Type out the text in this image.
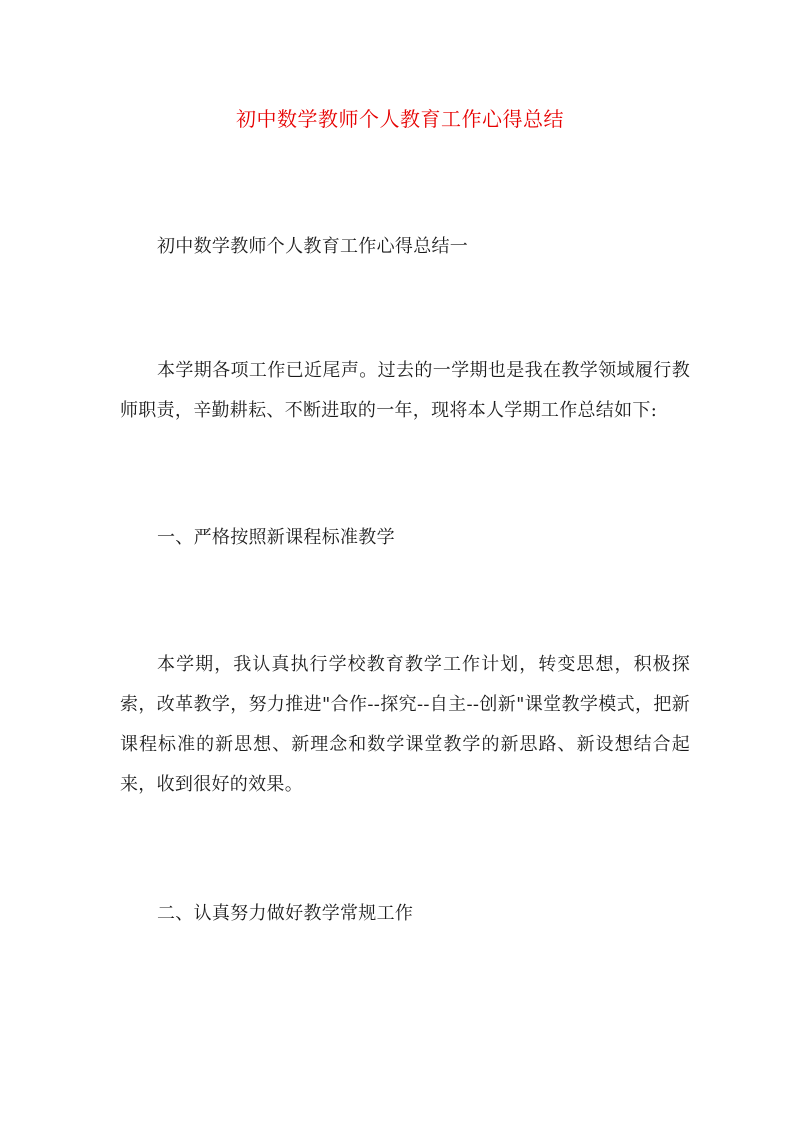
初中数学教师个人教育工作心得总结

初中数学教师个人教育工作心得总结一

本学期各项工作已近尾声。过去的一学期也是我在教学领域履行教师职责，辛勤耕耘、不断进取的一年，现将本人学期工作总结如下:

一、严格按照新课程标准教学

本学期，我认真执行学校教育教学工作计划，转变思想，积极探索，改革教学，努力推进"合作--探究--自主--创新"课堂教学模式，把新课程标准的新思想、新理念和数学课堂教学的新思路、新设想结合起来，收到很好的效果。

二、认真努力做好教学常规工作
